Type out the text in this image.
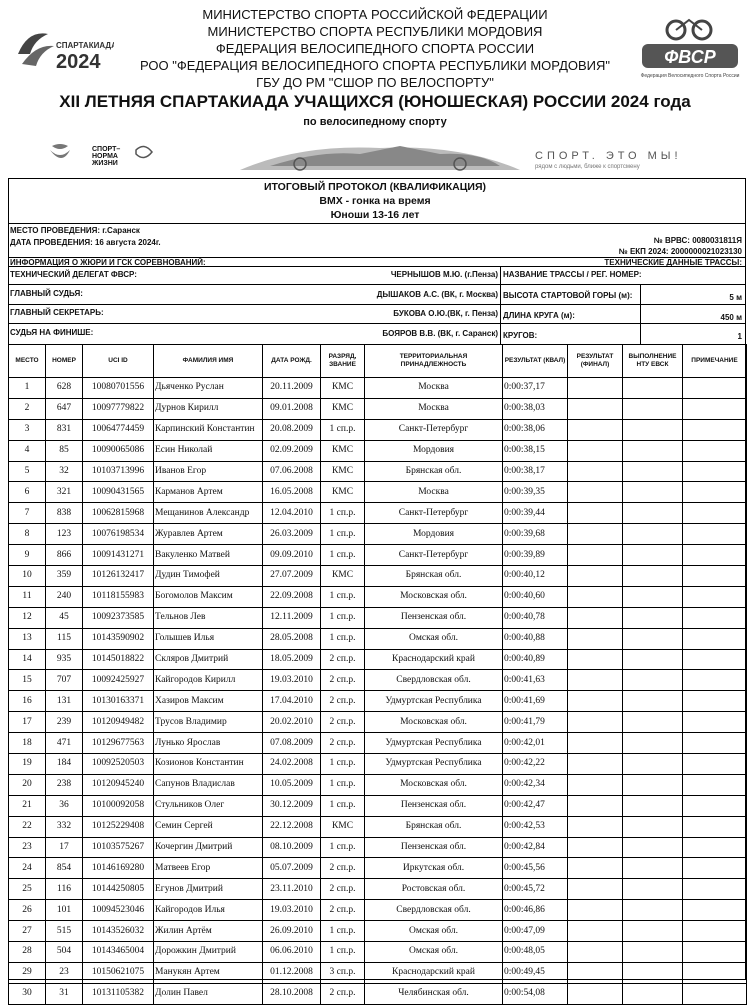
СПАРТАКИАДА
2024
МИНИСТЕРСТВО СПОРТА РОССИЙСКОЙ ФЕДЕРАЦИИ
МИНИСТЕРСТВО СПОРТА РЕСПУБЛИКИ МОРДОВИЯ
ФЕДЕРАЦИЯ ВЕЛОСИПЕДНОГО СПОРТА РОССИИ
РОО "ФЕДЕРАЦИЯ ВЕЛОСИПЕДНОГО СПОРТА РЕСПУБЛИКИ МОРДОВИЯ"
ГБУ ДО РМ "СШОР ПО ВЕЛОСПОРТУ"
ФВСР
Федерация Велосипедного Спорта России
XII ЛЕТНЯЯ СПАРТАКИАДА УЧАЩИХСЯ (ЮНОШЕСКАЯ) РОССИИ 2024 года
по велосипедному спорту
СПОРТ–
НОРМА
ЖИЗНИ
СПОРТ. ЭТО МЫ!
рядом с людьми, ближе к спортсмену
ИТОГОВЫЙ ПРОТОКОЛ (КВАЛИФИКАЦИЯ)
ВМХ - гонка на время
Юноши 13-16 лет
МЕСТО ПРОВЕДЕНИЯ: г.Саранск
ДАТА ПРОВЕДЕНИЯ: 16 августа 2024г.	№ ВРВС: 0080031811Я
№ ЕКП 2024: 2000000021023130
ИНФОРМАЦИЯ О ЖЮРИ И ГСК СОРЕВНОВАНИЙ:	ТЕХНИЧЕСКИЕ ДАННЫЕ ТРАССЫ:
ТЕХНИЧЕСКИЙ ДЕЛЕГАТ ФВСР:	ЧЕРНЫШОВ М.Ю. (г.Пенза) НАЗВАНИЕ ТРАССЫ / РЕГ. НОМЕР:
ГЛАВНЫЙ СУДЬЯ:	ДЫШАКОВ А.С. (ВК, г. Москва) ВЫСОТА СТАРТОВОЙ ГОРЫ (м):	5 м
ГЛАВНЫЙ СЕКРЕТАРЬ:	БУКОВА О.Ю.(ВК, г. Пенза) ДЛИНА КРУГА (м):	450 м
СУДЬЯ НА ФИНИШЕ:	БОЯРОВ В.В. (ВК, г. Саранск) КРУГОВ:	1
МЕСТО	НОМЕР	UCI ID	ФАМИЛИЯ ИМЯ	ДАТА РОЖД.	РАЗРЯД, ЗВАНИЕ	ТЕРРИТОРИАЛЬНАЯ ПРИНАДЛЕЖНОСТЬ	РЕЗУЛЬТАТ (КВАЛ)	РЕЗУЛЬТАТ (ФИНАЛ)	ВЫПОЛНЕНИЕ НТУ ЕВСК	ПРИМЕЧАНИЕ
1	628	10080701556	Дьяченко Руслан	20.11.2009	КМС	Москва	0:00:37,17			
2	647	10097779822	Дурнов Кирилл	09.01.2008	КМС	Москва	0:00:38,03			
3	831	10064774459	Карпинский Константин	20.08.2009	1 сп.р.	Санкт-Петербург	0:00:38,06			
4	85	10090065086	Есин Николай	02.09.2009	КМС	Мордовия	0:00:38,15			
5	32	10103713996	Иванов Егор	07.06.2008	КМС	Брянская обл.	0:00:38,17			
6	321	10090431565	Карманов Артем	16.05.2008	КМС	Москва	0:00:39,35			
7	838	10062815968	Мещанинов Александр	12.04.2010	1 сп.р.	Санкт-Петербург	0:00:39,44			
8	123	10076198534	Журавлев Артем	26.03.2009	1 сп.р.	Мордовия	0:00:39,68			
9	866	10091431271	Вакуленко Матвей	09.09.2010	1 сп.р.	Санкт-Петербург	0:00:39,89			
10	359	10126132417	Дудин Тимофей	27.07.2009	КМС	Брянская обл.	0:00:40,12			
11	240	10118155983	Богомолов Максим	22.09.2008	1 сп.р.	Московская обл.	0:00:40,60			
12	45	10092373585	Тельнов Лев	12.11.2009	1 сп.р.	Пензенская обл.	0:00:40,78			
13	115	10143590902	Голышев Илья	28.05.2008	1 сп.р.	Омская обл.	0:00:40,88			
14	935	10145018822	Скляров Дмитрий	18.05.2009	2 сп.р.	Краснодарский край	0:00:40,89			
15	707	10092425927	Кайгородов Кирилл	19.03.2010	2 сп.р.	Свердловская обл.	0:00:41,63			
16	131	10130163371	Хазиров Максим	17.04.2010	2 сп.р.	Удмуртская Республика	0:00:41,69			
17	239	10120949482	Трусов Владимир	20.02.2010	2 сп.р.	Московская обл.	0:00:41,79			
18	471	10129677563	Лунько Ярослав	07.08.2009	2 сп.р.	Удмуртская Республика	0:00:42,01			
19	184	10092520503	Козионов Константин	24.02.2008	1 сп.р.	Удмуртская Республика	0:00:42,22			
20	238	10120945240	Сапунов Владислав	10.05.2009	1 сп.р.	Московская обл.	0:00:42,34			
21	36	10100092058	Стульников Олег	30.12.2009	1 сп.р.	Пензенская обл.	0:00:42,47			
22	332	10125229408	Семин Сергей	22.12.2008	КМС	Брянская обл.	0:00:42,53			
23	17	10103575267	Кочергин Дмитрий	08.10.2009	1 сп.р.	Пензенская обл.	0:00:42,84			
24	854	10146169280	Матвеев Егор	05.07.2009	2 сп.р.	Иркутская обл.	0:00:45,56			
25	116	10144250805	Егунов Дмитрий	23.11.2010	2 сп.р.	Ростовская обл.	0:00:45,72			
26	101	10094523046	Кайгородов Илья	19.03.2010	2 сп.р.	Свердловская обл.	0:00:46,86			
27	515	10143526032	Жилин Артём	26.09.2010	1 сп.р.	Омская обл.	0:00:47,09			
28	504	10143465004	Дорожкин Дмитрий	06.06.2010	1 сп.р.	Омская обл.	0:00:48,05			
29	23	10150621075	Манукян Артем	01.12.2008	3 сп.р.	Краснодарский край	0:00:49,45			
30	31	10131105382	Долин Павел	28.10.2008	2 сп.р.	Челябинская обл.	0:00:54,08			
